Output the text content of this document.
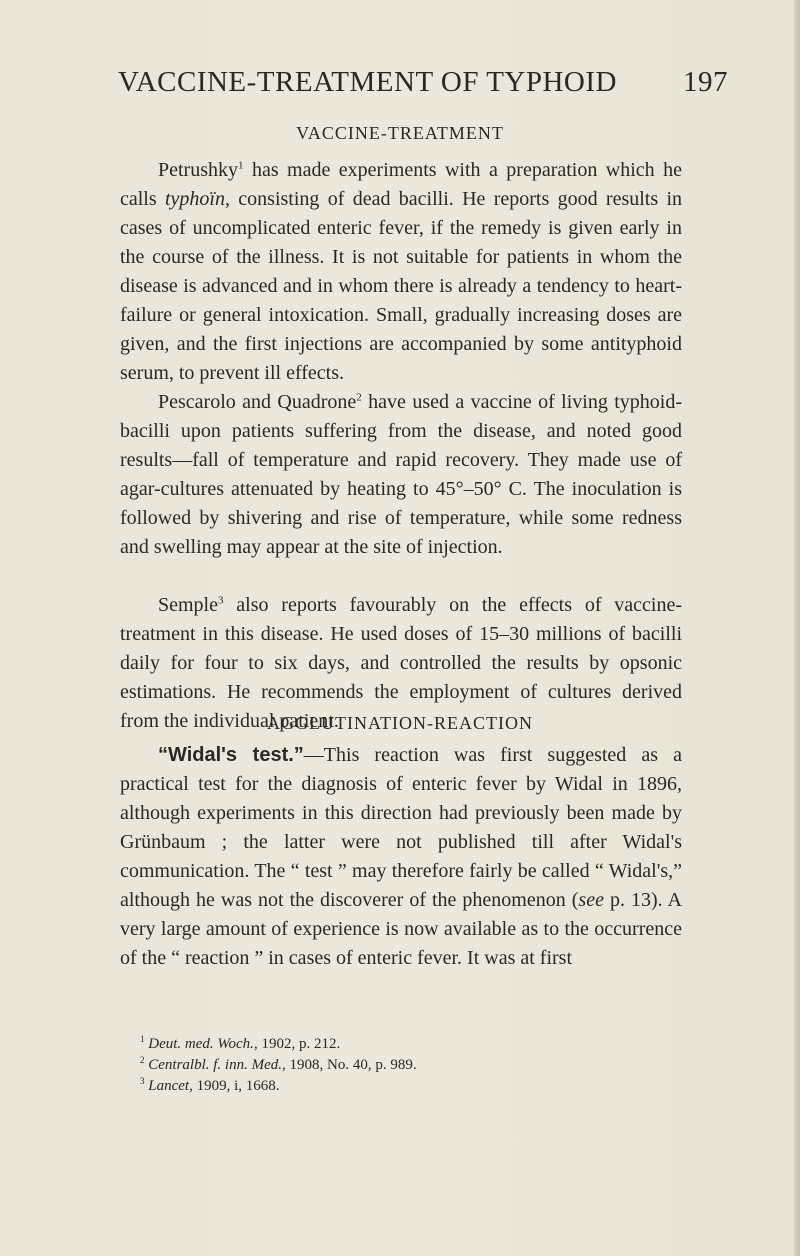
VACCINE-TREATMENT OF TYPHOID 197
VACCINE-TREATMENT

Petrushky$^1$ has made experiments with a preparation which he calls typhoïn, consisting of dead bacilli. He reports good results in cases of uncomplicated enteric fever, if the remedy is given early in the course of the illness. It is not suitable for patients in whom the disease is advanced and in whom there is already a tendency to heart-failure or general intoxication. Small, gradually increasing doses are given, and the first injections are accompanied by some antityphoid serum, to prevent ill effects.

Pescarolo and Quadrone$^2$ have used a vaccine of living typhoid-bacilli upon patients suffering from the disease, and noted good results—fall of temperature and rapid recovery. They made use of agar-cultures attenuated by heating to 45°–50° C. The inoculation is followed by shivering and rise of temperature, while some redness and swelling may appear at the site of injection.

Semple$^3$ also reports favourably on the effects of vaccine-treatment in this disease. He used doses of 15–30 millions of bacilli daily for four to six days, and controlled the results by opsonic estimations. He recommends the employment of cultures derived from the individual patient.

AGGLUTINATION-REACTION

“Widal's test.”—This reaction was first suggested as a practical test for the diagnosis of enteric fever by Widal in 1896, although experiments in this direction had previously been made by Grünbaum ; the latter were not published till after Widal's communication. The “ test ” may therefore fairly be called “ Widal's,” although he was not the discoverer of the phenomenon (see p. 13). A very large amount of experience is now available as to the occurrence of the “ reaction ” in cases of enteric fever. It was at first

$^1$ Deut. med. Woch., 1902, p. 212.
$^2$ Centralbl. f. inn. Med., 1908, No. 40, p. 989.
$^3$ Lancet, 1909, i, 1668.
